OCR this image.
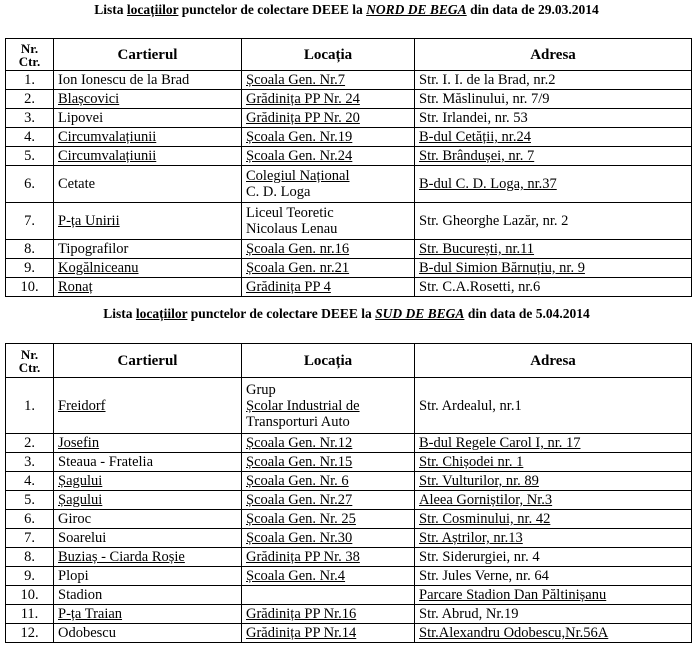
Lista locațiilor punctelor de colectare DEEE la NORD DE BEGA din data de 29.03.2014
Nr.
Ctr.	Cartierul	Locația	Adresa
1.	Ion Ionescu de la Brad	Școala Gen. Nr.7	Str. I. I. de la Brad, nr.2
2.	Blașcovici	Grădinița PP Nr. 24	Str. Măslinului, nr. 7/9
3.	Lipovei	Grădinița PP Nr. 20	Str. Irlandei, nr. 53
4.	Circumvalațiunii	Școala Gen. Nr.19	B-dul Cetății, nr.24
5.	Circumvalațiunii	Școala Gen. Nr.24	Str. Brândușei, nr. 7
6.	Cetate	Colegiul Național
C. D. Loga	B-dul C. D. Loga, nr.37
7.	P-ța Unirii	Liceul Teoretic
Nicolaus Lenau	Str. Gheorghe Lazăr, nr. 2
8.	Tipografilor	Școala Gen. nr.16	Str. București, nr.11
9.	Kogălniceanu	Școala Gen. nr.21	B-dul Simion Bărnuțiu, nr. 9
10.	Ronaț	Grădinița PP 4	Str. C.A.Rosetti, nr.6
Lista locațiilor punctelor de colectare DEEE la SUD DE BEGA din data de 5.04.2014
Nr.
Ctr.	Cartierul	Locația	Adresa
1.	Freidorf	Grup
Școlar Industrial de
Transporturi Auto	Str. Ardealul, nr.1
2.	Josefin	Școala Gen. Nr.12	B-dul Regele Carol I, nr. 17
3.	Steaua - Fratelia	Școala Gen. Nr.15	Str. Chișodei nr. 1
4.	Șagului	Școala Gen. Nr. 6	Str. Vulturilor, nr. 89
5.	Șagului	Școala Gen. Nr.27	Aleea Gorniștilor, Nr.3
6.	Giroc	Școala Gen. Nr. 25	Str. Cosminului, nr. 42
7.	Soarelui	Școala Gen. Nr.30	Str. Aștrilor, nr.13
8.	Buziaș - Ciarda Roșie	Grădinița PP Nr. 38	Str. Siderurgiei, nr. 4
9.	Plopi	Școala Gen. Nr.4	Str. Jules Verne, nr. 64
10.	Stadion		Parcare Stadion Dan Păltinișanu
11.	P-ța Traian	Grădinița PP Nr.16	Str. Abrud, Nr.19
12.	Odobescu	Grădinița PP Nr.14	Str.Alexandru Odobescu,Nr.56A
